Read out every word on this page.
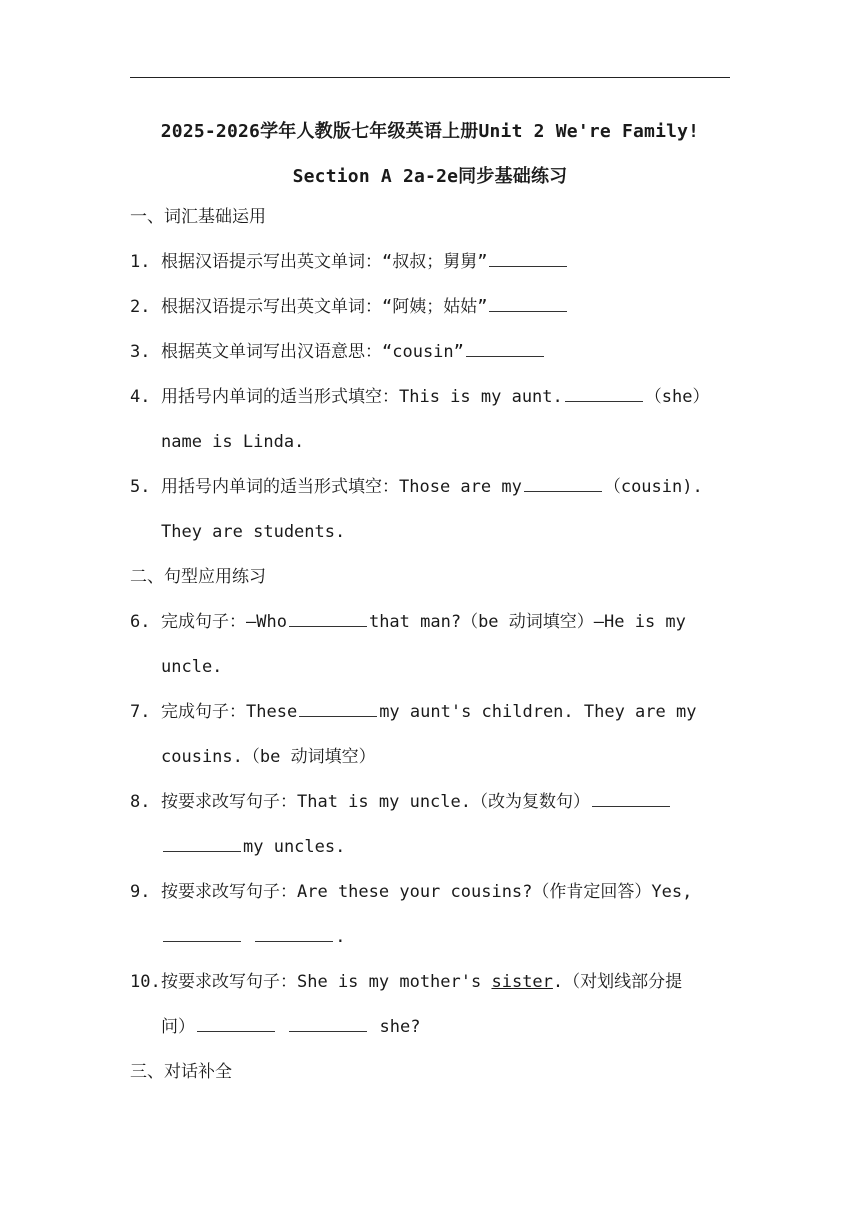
2025-2026学年人教版七年级英语上册Unit 2 We're Family!
Section A 2a-2e同步基础练习
一、词汇基础运用
1. 根据汉语提示写出英文单词：“叔叔；舅舅”
2. 根据汉语提示写出英文单词：“阿姨；姑姑”
3. 根据英文单词写出汉语意思：“cousin”
4. 用括号内单词的适当形式填空：This is my aunt.	（she）
name is Linda.
5. 用括号内单词的适当形式填空：Those are my	（cousin).
They are students.
二、句型应用练习
6. 完成句子：—Who	that man?（be 动词填空）—He is my
uncle.
7. 完成句子：These	my aunt's children. They are my
cousins.（be 动词填空）
8. 按要求改写句子：That is my uncle.（改为复数句）
my uncles.
9. 按要求改写句子：Are these your cousins?（作肯定回答）Yes,
.
10.按要求改写句子：She is my mother's sister.（对划线部分提
问）	she?
三、对话补全
